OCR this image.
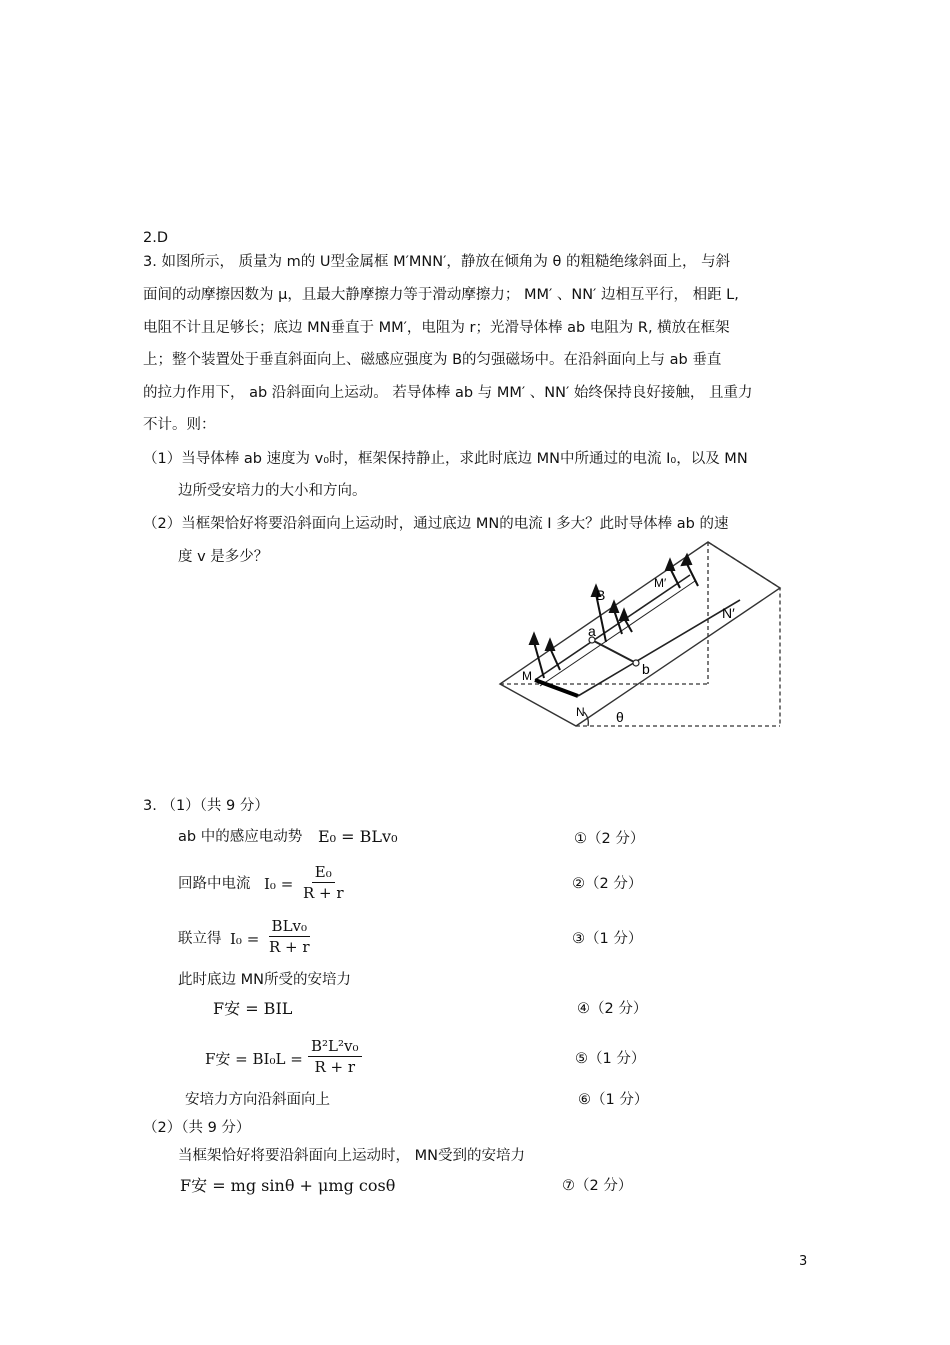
2.D
3. 如图所示， 质量为 m的 U型金属框 M′MNN′，静放在倾角为 θ 的粗糙绝缘斜面上， 与斜
面间的动摩擦因数为 μ，且最大静摩擦力等于滑动摩擦力； MM′ 、NN′ 边相互平行， 相距 L,
电阻不计且足够长；底边 MN垂直于 MM′，电阻为 r；光滑导体棒 ab 电阻为 R, 横放在框架
上；整个装置处于垂直斜面向上、磁感应强度为 B的匀强磁场中。在沿斜面向上与 ab 垂直
的拉力作用下， ab 沿斜面向上运动。 若导体棒 ab 与 MM′ 、NN′ 始终保持良好接触， 且重力
不计。则：
（1）当导体棒 ab 速度为 v₀时，框架保持静止，求此时底边 MN中所通过的电流 I₀，以及 MN
边所受安培力的大小和方向。
（2）当框架恰好将要沿斜面向上运动时，通过底边 MN的电流 I 多大？此时导体棒 ab 的速
度 v 是多少？
B
M′
N′
a
b
M
N θ
3. （1）（共 9 分）
ab 中的感应电动势 E₀ = BLv₀	①（2 分）
回路中电流 $I_0 = \frac{\text{E₀}}{R + r}$	②（2 分）
联立得 I₀ =
BLv₀
R + r	③（1 分）
此时底边 MN所受的安培力
F安 = BIL	④（2 分）
F安 = $BI_0L = \frac{\text{B²L²v₀}}{R + r}$	⑤（1 分）
安培力方向沿斜面向上	⑥（1 分）
（2）（共 9 分）
当框架恰好将要沿斜面向上运动时， MN受到的安培力
F安 = mg sinθ + μmg cosθ	⑦（2 分）
3
